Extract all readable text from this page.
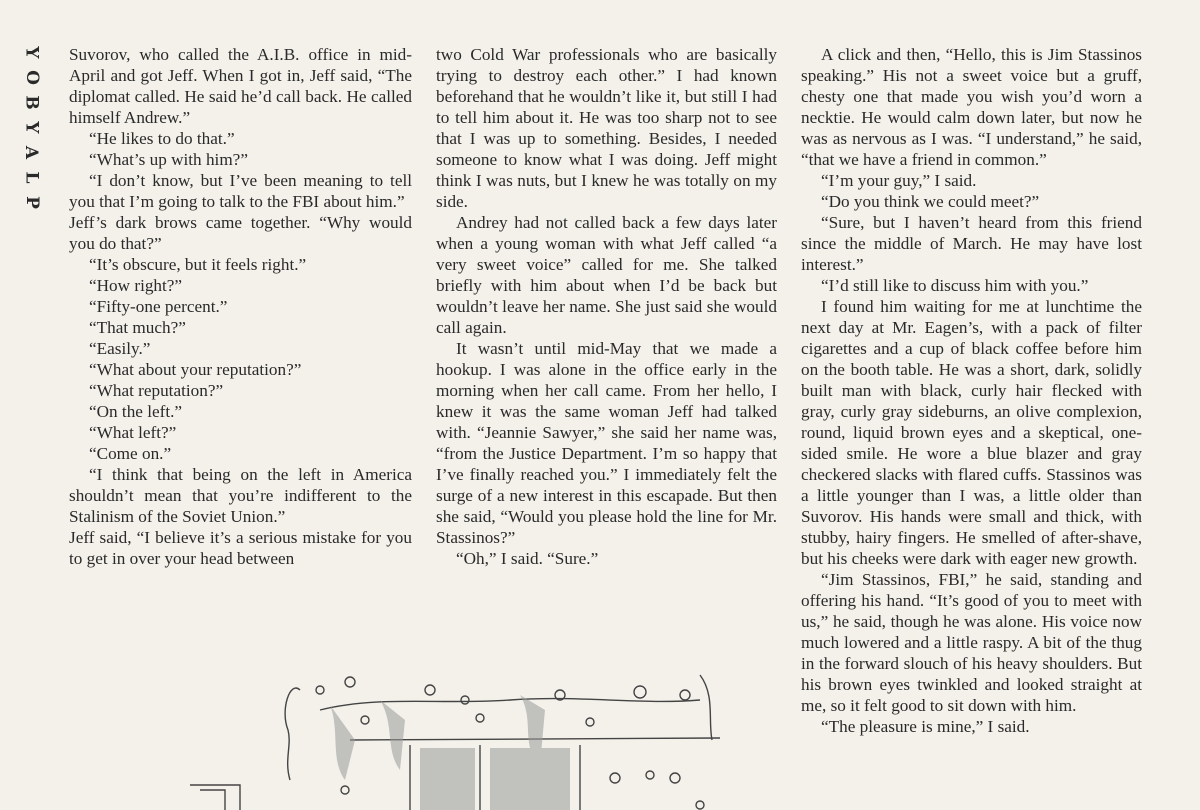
Y
O
B
Y
A
L
P

Suvorov, who called the A.I.B. office in mid-April and got Jeff. When I got in, Jeff said, “The diplomat called. He said he’d call back. He called himself Andrew.”

“He likes to do that.”

“What’s up with him?”

“I don’t know, but I’ve been meaning to tell you that I’m going to talk to the FBI about him.”

Jeff’s dark brows came together. “Why would you do that?”

“It’s obscure, but it feels right.”

“How right?”

“Fifty-one percent.”

“That much?”

“Easily.”

“What about your reputation?”

“What reputation?”

“On the left.”

“What left?”

“Come on.”

“I think that being on the left in America shouldn’t mean that you’re indifferent to the Stalinism of the Soviet Union.”

Jeff said, “I believe it’s a serious mistake for you to get in over your head between

two Cold War professionals who are basically trying to destroy each other.” I had known beforehand that he wouldn’t like it, but still I had to tell him about it. He was too sharp not to see that I was up to something. Besides, I needed someone to know what I was doing. Jeff might think I was nuts, but I knew he was totally on my side.

Andrey had not called back a few days later when a young woman with what Jeff called “a very sweet voice” called for me. She talked briefly with him about when I’d be back but wouldn’t leave her name. She just said she would call again.

It wasn’t until mid-May that we made a hookup. I was alone in the office early in the morning when her call came. From her hello, I knew it was the same woman Jeff had talked with. “Jeannie Sawyer,” she said her name was, “from the Justice Department. I’m so happy that I’ve finally reached you.” I immediately felt the surge of a new interest in this escapade. But then she said, “Would you please hold the line for Mr. Stassinos?”

“Oh,” I said. “Sure.”

A click and then, “Hello, this is Jim Stassinos speaking.” His not a sweet voice but a gruff, chesty one that made you wish you’d worn a necktie. He would calm down later, but now he was as nervous as I was. “I understand,” he said, “that we have a friend in common.”

“I’m your guy,” I said.

“Do you think we could meet?”

“Sure, but I haven’t heard from this friend since the middle of March. He may have lost interest.”

“I’d still like to discuss him with you.”

I found him waiting for me at lunchtime the next day at Mr. Eagen’s, with a pack of filter cigarettes and a cup of black coffee before him on the booth table. He was a short, dark, solidly built man with black, curly hair flecked with gray, curly gray sideburns, an olive complexion, round, liquid brown eyes and a skeptical, one-sided smile. He wore a blue blazer and gray checkered slacks with flared cuffs. Stassinos was a little younger than I was, a little older than Suvorov. His hands were small and thick, with stubby, hairy fingers. He smelled of after-shave, but his cheeks were dark with eager new growth.

“Jim Stassinos, FBI,” he said, standing and offering his hand. “It’s good of you to meet with us,” he said, though he was alone. His voice now much lowered and a little raspy. A bit of the thug in the forward slouch of his heavy shoulders. But his brown eyes twinkled and looked straight at me, so it felt good to sit down with him.

“The pleasure is mine,” I said.
